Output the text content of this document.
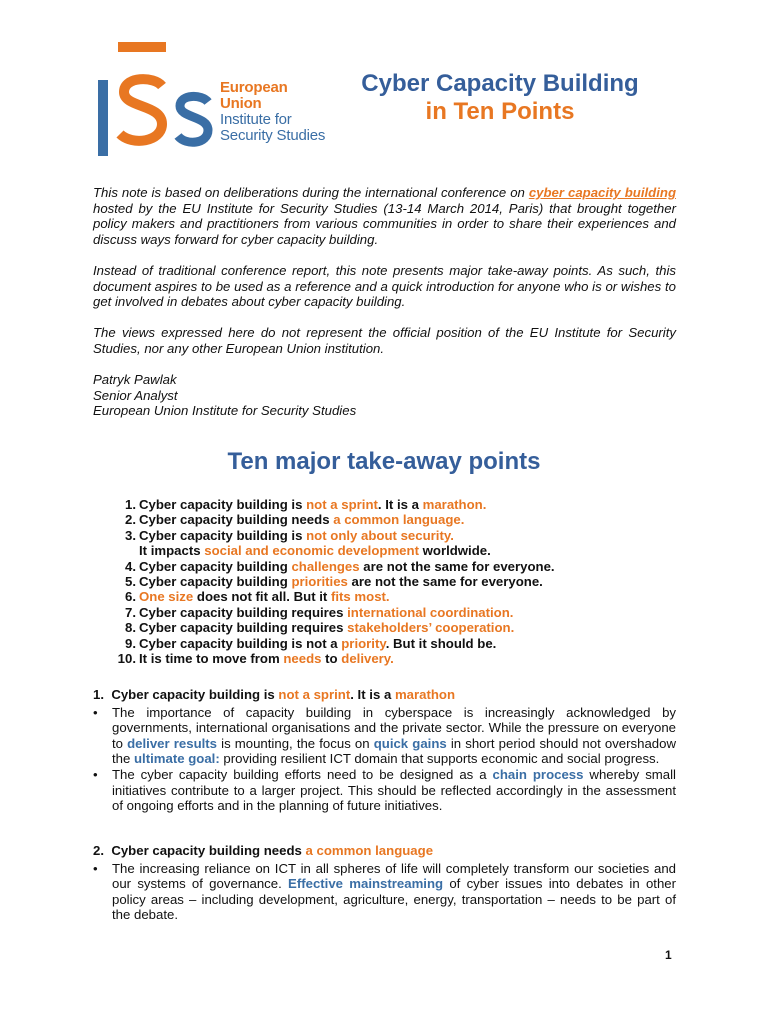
European
Union
Institute for
Security Studies
Cyber Capacity Building
in Ten Points

This note is based on deliberations during the international conference on cyber capacity building hosted by the EU Institute for Security Studies (13-14 March 2014, Paris) that brought together policy makers and practitioners from various communities in order to share their experiences and discuss ways forward for cyber capacity building.

Instead of traditional conference report, this note presents major take-away points. As such, this document aspires to be used as a reference and a quick introduction for anyone who is or wishes to get involved in debates about cyber capacity building.

The views expressed here do not represent the official position of the EU Institute for Security Studies, nor any other European Union institution.

Patryk Pawlak

Senior Analyst

European Union Institute for Security Studies

Ten major take-away points
1. Cyber capacity building is not a sprint. It is a marathon.
2. Cyber capacity building needs a common language.
3. Cyber capacity building is not only about security.
It impacts social and economic development worldwide.
4. Cyber capacity building challenges are not the same for everyone.
5. Cyber capacity building priorities are not the same for everyone.
6. One size does not fit all. But it fits most.
7. Cyber capacity building requires international coordination.
8. Cyber capacity building requires stakeholders’ cooperation.
9. Cyber capacity building is not a priority. But it should be.
10. It is time to move from needs to delivery.

1. Cyber capacity building is not a sprint. It is a marathon

• The importance of capacity building in cyberspace is increasingly acknowledged by governments, international organisations and the private sector. While the pressure on everyone to deliver results is mounting, the focus on quick gains in short period should not overshadow the ultimate goal: providing resilient ICT domain that supports economic and social progress.
• The cyber capacity building efforts need to be designed as a chain process whereby small initiatives contribute to a larger project. This should be reflected accordingly in the assessment of ongoing efforts and in the planning of future initiatives.

2. Cyber capacity building needs a common language

• The increasing reliance on ICT in all spheres of life will completely transform our societies and our systems of governance. Effective mainstreaming of cyber issues into debates in other policy areas – including development, agriculture, energy, transportation – needs to be part of the debate.
1
